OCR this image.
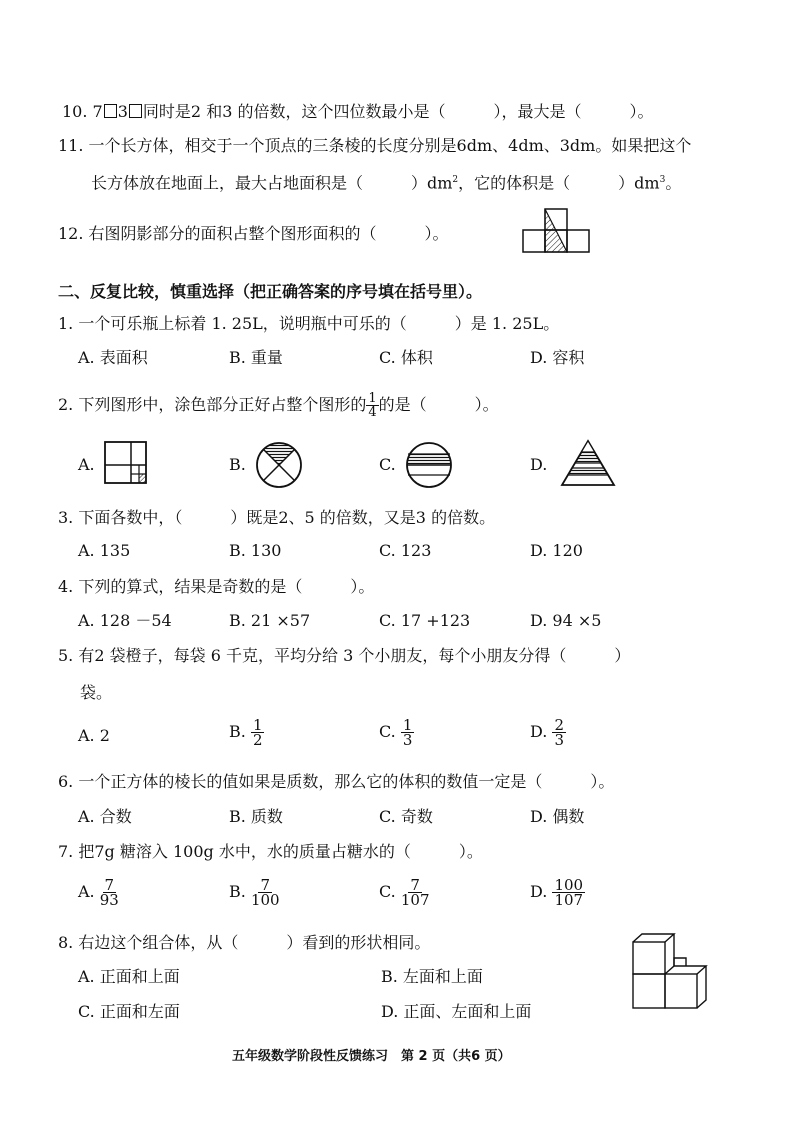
10. 7 3 同时是2 和3 的倍数，这个四位数最小是（　　　），最大是（　　　）。
11. 一个长方体，相交于一个顶点的三条棱的长度分别是6dm、4dm、3dm。如果把这个
长方体放在地面上，最大占地面积是（　　　）$dm^2$，它的体积是（　　　）$dm^3$。
12. 右图阴影部分的面积占整个图形面积的（　　　）。
二、反复比较，慎重选择（把正确答案的序号填在括号里）。
1. 一个可乐瓶上标着 1. 25L，说明瓶中可乐的（　　　）是 1. 25L。
A. 表面积	B. 重量	C. 体积	D. 容积
2. 下列图形中，涂色部分正好占整个图形的 $\frac{1}{4}$ 的是（　　　）。
A.	B.	C.	D.
3. 下面各数中，（　　　）既是2、5 的倍数，又是3 的倍数。
A. 135	B. 130	C. 123	D. 120
4. 下列的算式，结果是奇数的是（　　　）。
A. 128 －54	B. 21 ×57	C. 17 +123	D. 94 ×5
5. 有2 袋橙子，每袋 6 千克，平均分给 3 个小朋友，每个小朋友分得（　　　）
袋。
A. 2	B. $\frac{1}{2}$	C. $\frac{1}{3}$	D. $\frac{2}{3}$
6. 一个正方体的棱长的值如果是质数，那么它的体积的数值一定是（　　　）。
A. 合数	B. 质数	C. 奇数	D. 偶数
7. 把7g 糖溶入 100g 水中，水的质量占糖水的（　　　）。
A. $\frac{7}{93}$	B. $\frac{7}{100}$	C. $\frac{7}{107}$	D. $\frac{100}{107}$
8. 右边这个组合体，从（　　　）看到的形状相同。
A. 正面和上面	B. 左面和上面
C. 正面和左面	D. 正面、左面和上面
五年级数学阶段性反馈练习　第 2 页（共6 页）
